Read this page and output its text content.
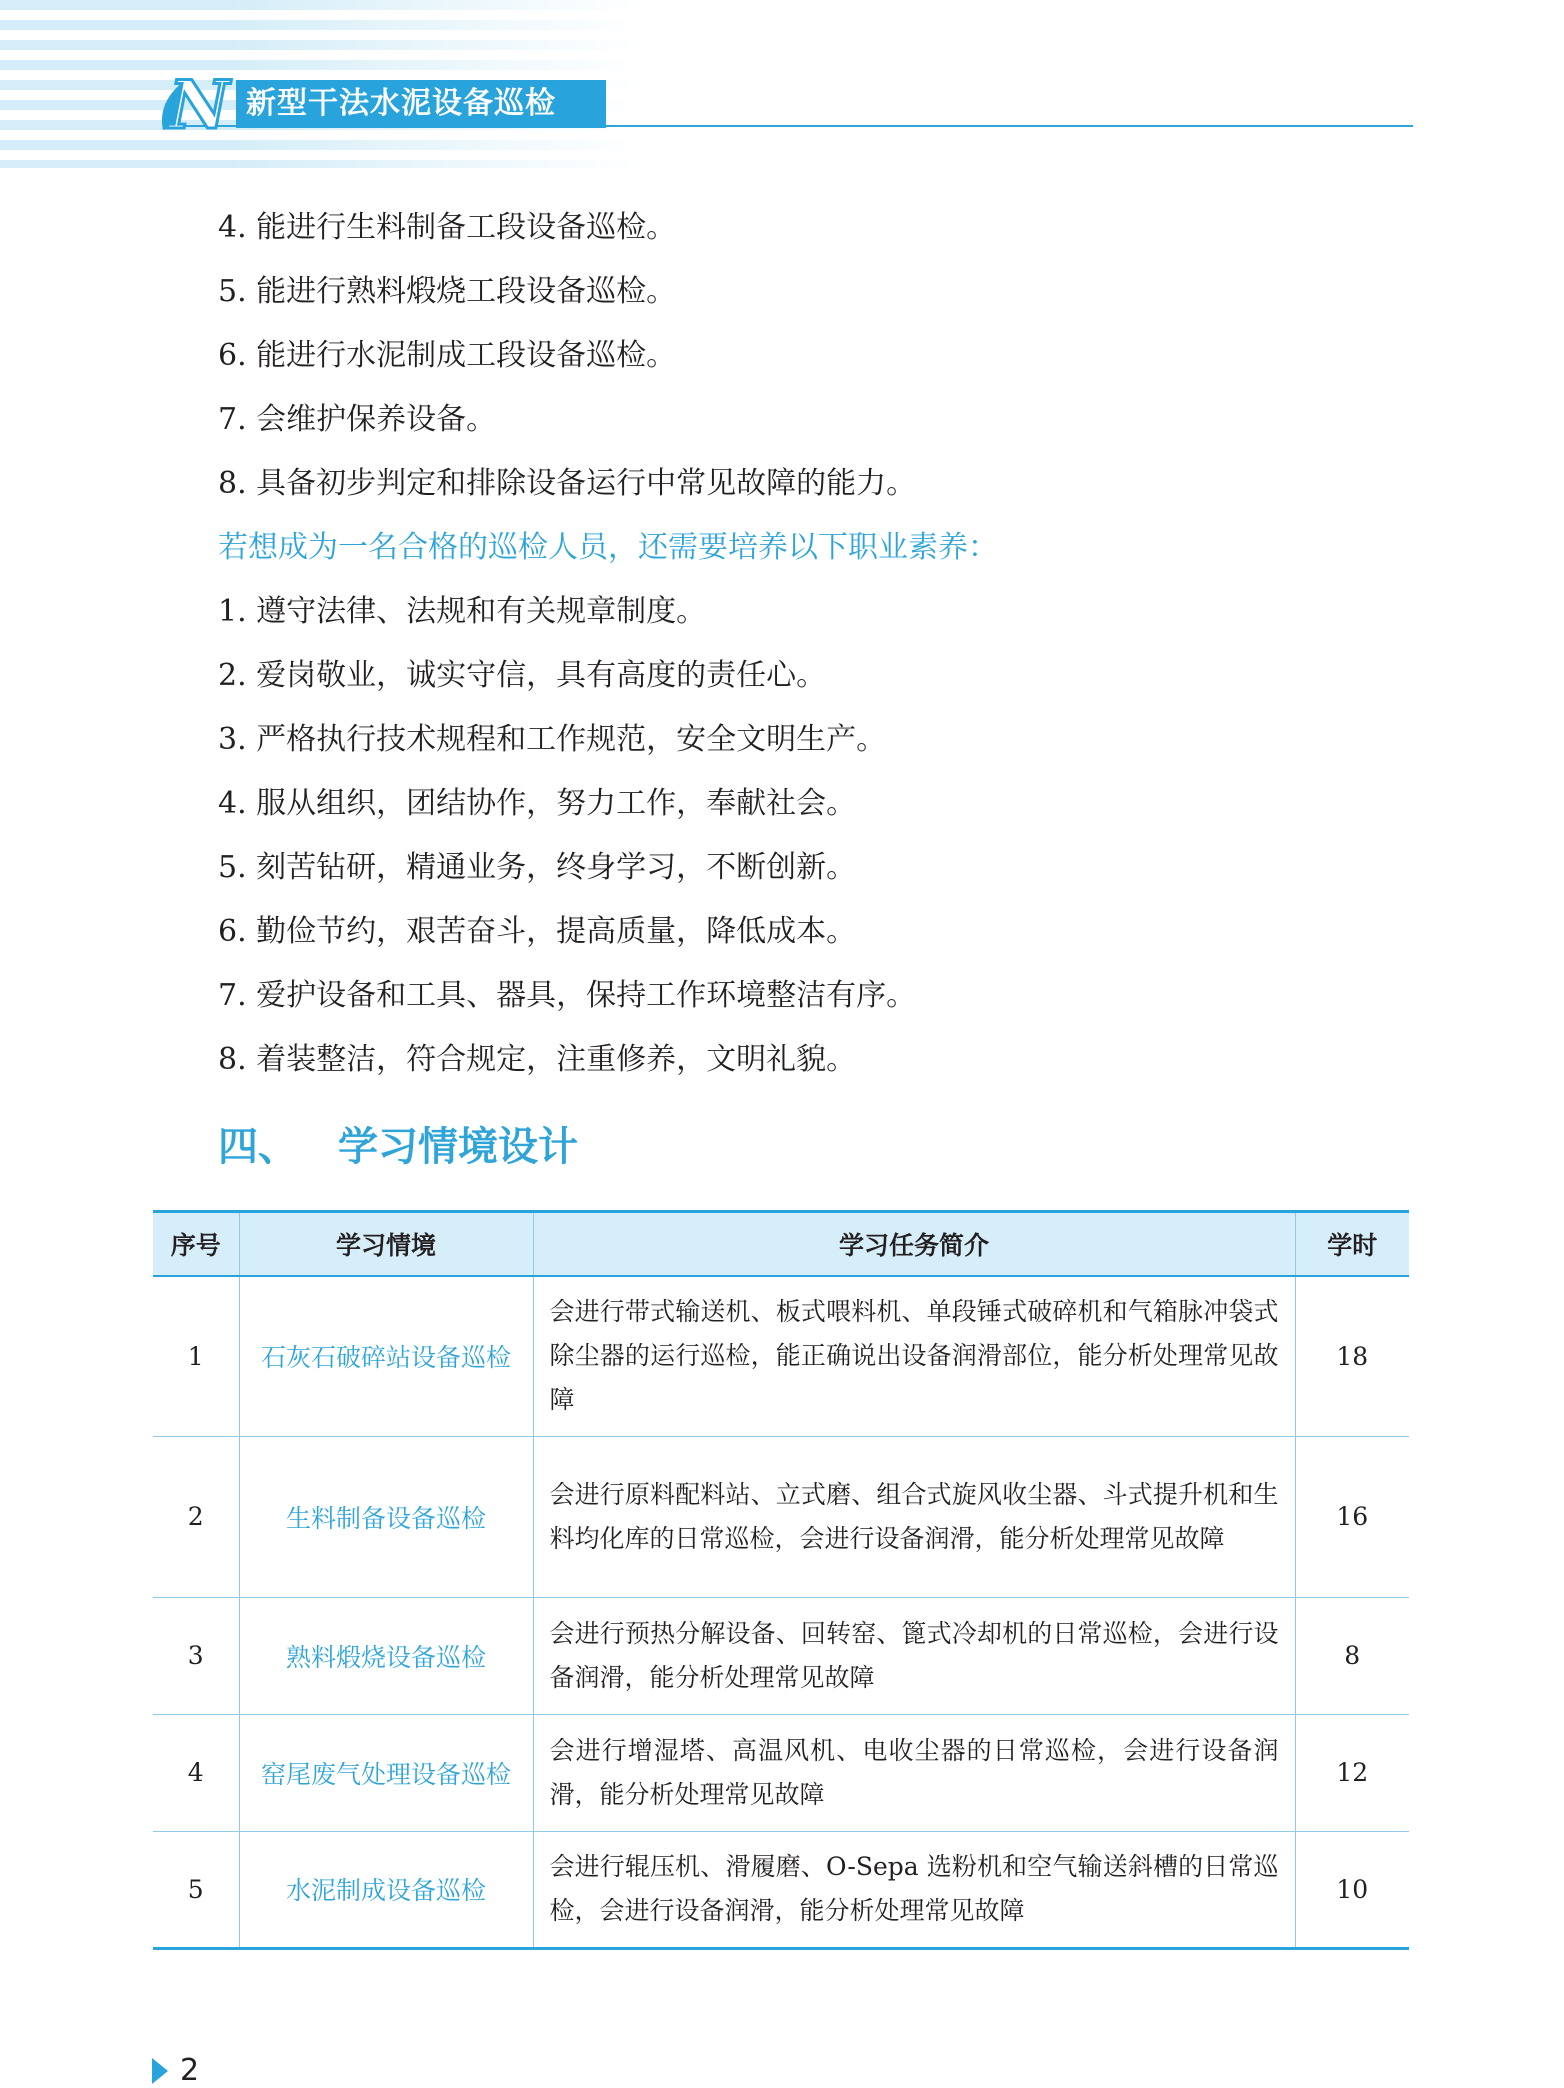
新型干法水泥设备巡检
N
4. 能进行生料制备工段设备巡检。
5. 能进行熟料煅烧工段设备巡检。
6. 能进行水泥制成工段设备巡检。
7. 会维护保养设备。
8. 具备初步判定和排除设备运行中常见故障的能力。
若想成为一名合格的巡检人员，还需要培养以下职业素养：
1. 遵守法律、法规和有关规章制度。
2. 爱岗敬业，诚实守信，具有高度的责任心。
3. 严格执行技术规程和工作规范，安全文明生产。
4. 服从组织，团结协作，努力工作，奉献社会。
5. 刻苦钻研，精通业务，终身学习，不断创新。
6. 勤俭节约，艰苦奋斗，提高质量，降低成本。
7. 爱护设备和工具、器具，保持工作环境整洁有序。
8. 着装整洁，符合规定，注重修养，文明礼貌。
四、 学习情境设计
序号	学习情境	学习任务简介	学时
1	石灰石破碎站设备巡检	会进行带式输送机、板式喂料机、单段锤式破碎机和气箱脉冲袋式除尘器的运行巡检，能正确说出设备润滑部位，能分析处理常见故障	18
2	生料制备设备巡检	会进行原料配料站、立式磨、组合式旋风收尘器、斗式提升机和生料均化库的日常巡检，会进行设备润滑，能分析处理常见故障	16
3	熟料煅烧设备巡检	会进行预热分解设备、回转窑、篦式冷却机的日常巡检，会进行设备润滑，能分析处理常见故障	8
4	窑尾废气处理设备巡检	会进行增湿塔、高温风机、电收尘器的日常巡检，会进行设备润滑，能分析处理常见故障	12
5	水泥制成设备巡检	会进行辊压机、滑履磨、O-Sepa 选粉机和空气输送斜槽的日常巡检，会进行设备润滑，能分析处理常见故障	10
2
